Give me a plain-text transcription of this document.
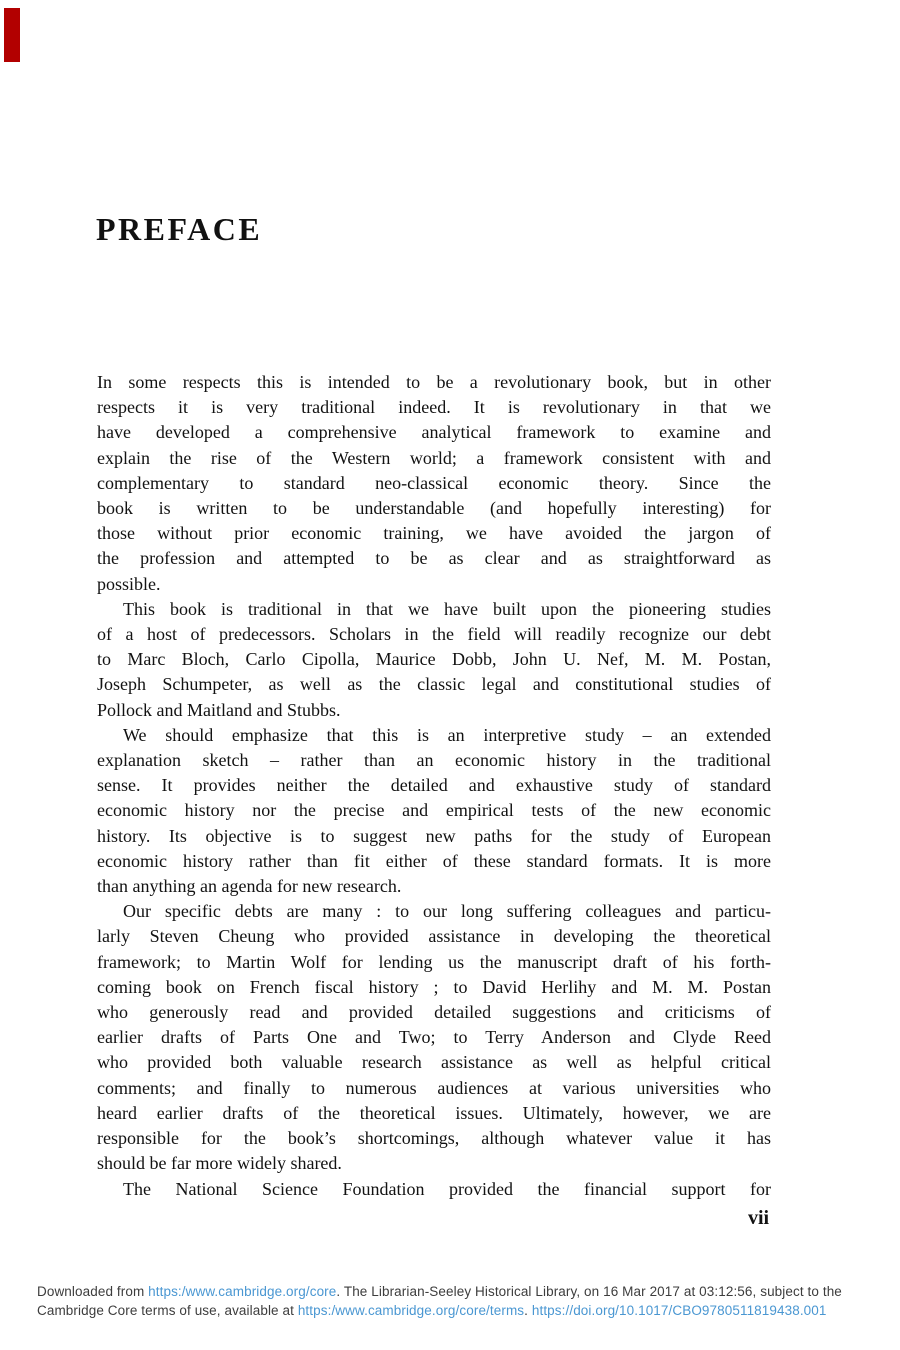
PREFACE
In some respects this is intended to be a revolutionary book, but in other
respects it is very traditional indeed. It is revolutionary in that we
have developed a comprehensive analytical framework to examine and
explain the rise of the Western world; a framework consistent with and
complementary to standard neo-classical economic theory. Since the
book is written to be understandable (and hopefully interesting) for
those without prior economic training, we have avoided the jargon of
the profession and attempted to be as clear and as straightforward as
possible.
This book is traditional in that we have built upon the pioneering studies
of a host of predecessors. Scholars in the field will readily recognize our debt
to Marc Bloch, Carlo Cipolla, Maurice Dobb, John U. Nef, M. M. Postan,
Joseph Schumpeter, as well as the classic legal and constitutional studies of
Pollock and Maitland and Stubbs.
We should emphasize that this is an interpretive study – an extended
explanation sketch – rather than an economic history in the traditional
sense. It provides neither the detailed and exhaustive study of standard
economic history nor the precise and empirical tests of the new economic
history. Its objective is to suggest new paths for the study of European
economic history rather than fit either of these standard formats. It is more
than anything an agenda for new research.
Our specific debts are many : to our long suffering colleagues and particu-
larly Steven Cheung who provided assistance in developing the theoretical
framework; to Martin Wolf for lending us the manuscript draft of his forth-
coming book on French fiscal history ; to David Herlihy and M. M. Postan
who generously read and provided detailed suggestions and criticisms of
earlier drafts of Parts One and Two; to Terry Anderson and Clyde Reed
who provided both valuable research assistance as well as helpful critical
comments; and finally to numerous audiences at various universities who
heard earlier drafts of the theoretical issues. Ultimately, however, we are
responsible for the book’s shortcomings, although whatever value it has
should be far more widely shared.
The National Science Foundation provided the financial support for
vii
Downloaded from https:/www.cambridge.org/core. The Librarian-Seeley Historical Library, on 16 Mar 2017 at 03:12:56, subject to the
Cambridge Core terms of use, available at https:/www.cambridge.org/core/terms. https://doi.org/10.1017/CBO9780511819438.001
